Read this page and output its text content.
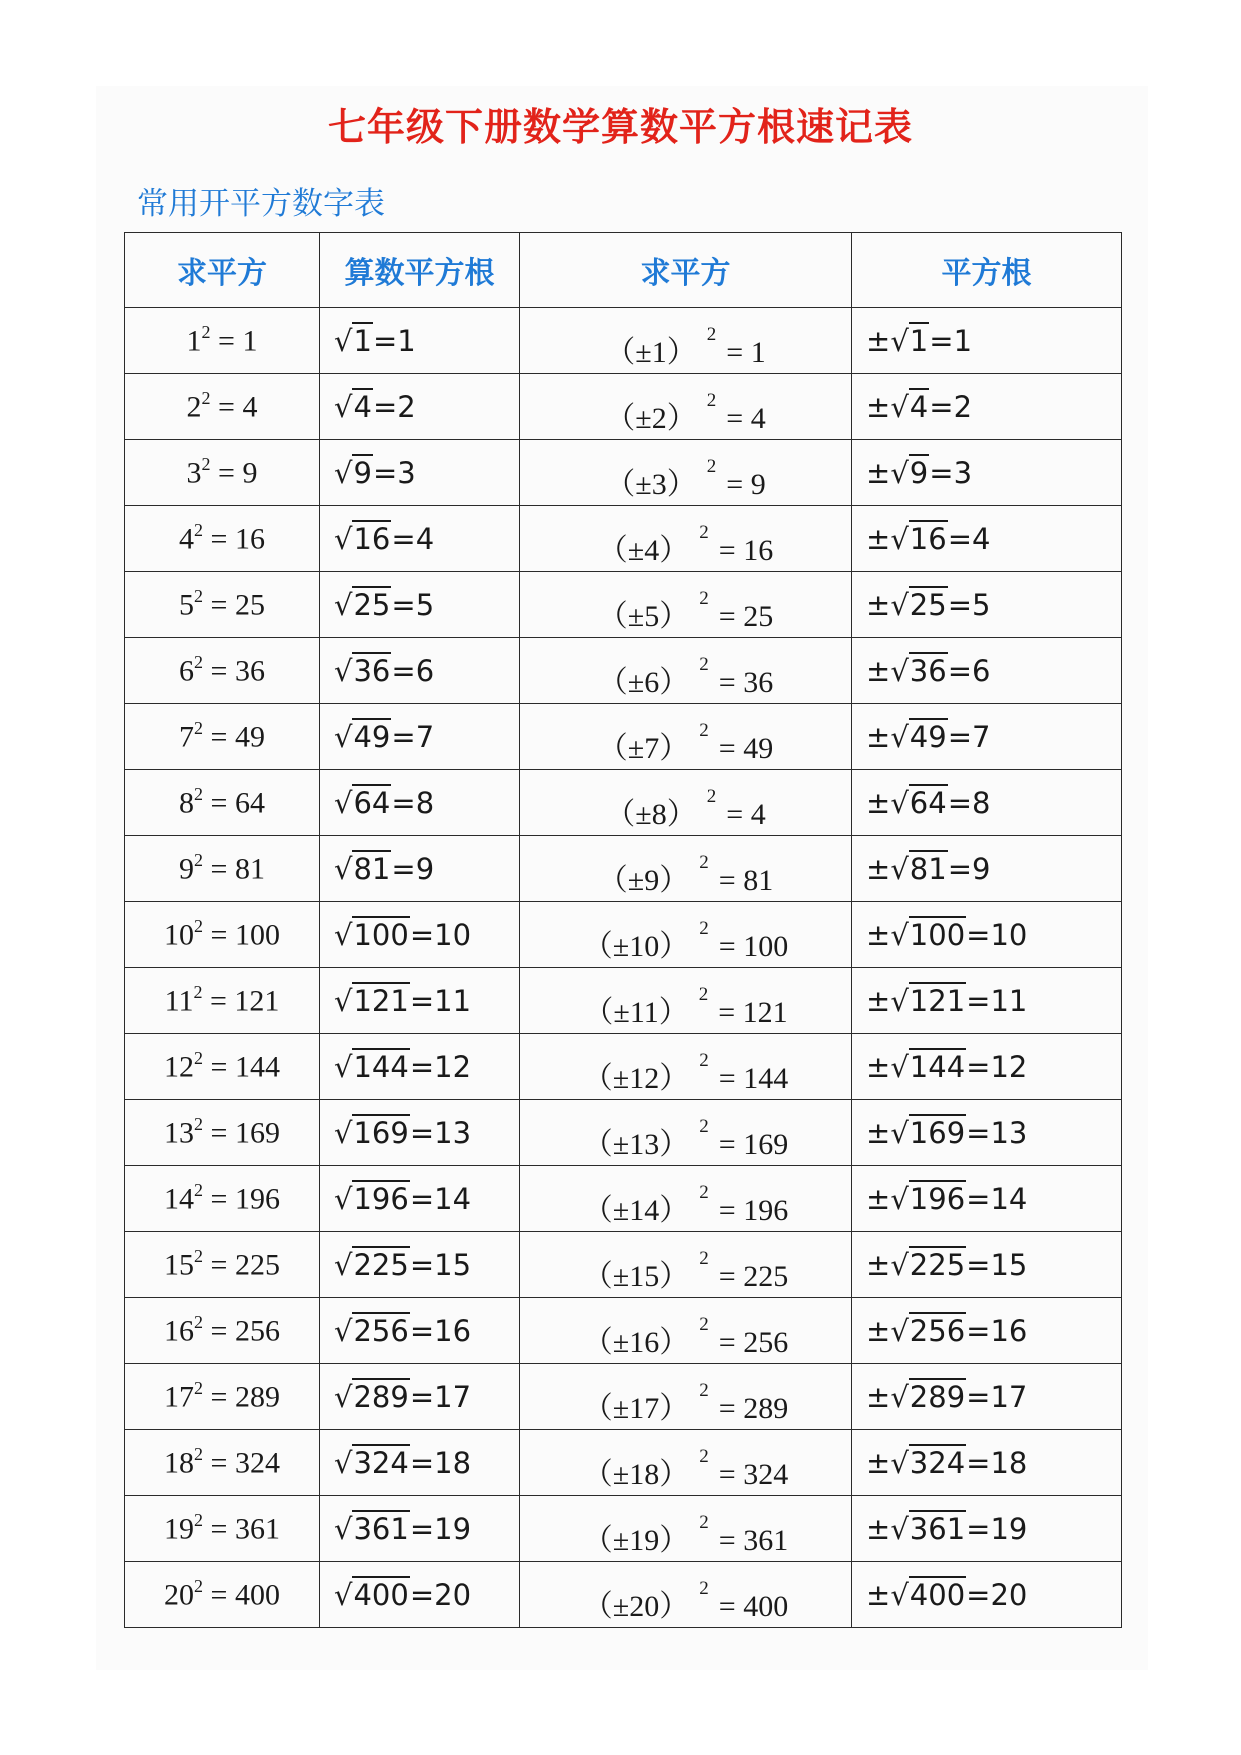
七年级下册数学算数平方根速记表
常用开平方数字表
求平方	算数平方根	求平方	平方根
$1^2 = 1$	√1=1	$(\pm 1)^2= 1$	±√1=1
$2^2 = 4$	√4=2	$(\pm 2)^2= 4$	±√4=2
$3^2 = 9$	√9=3	$(\pm 3)^2= 9$	±√9=3
$4^2 = 16$	√16=4	$(\pm 4)^2= 16$	±√16=4
$5^2 = 25$	√25=5	$(\pm 5)^2= 25$	±√25=5
$6^2 = 36$	√36=6	$(\pm 6)^2= 36$	±√36=6
$7^2 = 49$	√49=7	$(\pm 7)^2= 49$	±√49=7
$8^2 = 64$	√64=8	$(\pm 8)^2= 4$	±√64=8
$9^2 = 81$	√81=9	$(\pm 9)^2= 81$	±√81=9
$10^2 = 100$	√100=10	$(\pm 10)^2= 100$	±√100=10
$11^2 = 121$	√121=11	$(\pm 11)^2= 121$	±√121=11
$12^2 = 144$	√144=12	$(\pm 12)^2= 144$	±√144=12
$13^2 = 169$	√169=13	$(\pm 13)^2= 169$	±√169=13
$14^2 = 196$	√196=14	$(\pm 14)^2= 196$	±√196=14
$15^2 = 225$	√225=15	$(\pm 15)^2= 225$	±√225=15
$16^2 = 256$	√256=16	$(\pm 16)^2= 256$	±√256=16
$17^2 = 289$	√289=17	$(\pm 17)^2= 289$	±√289=17
$18^2 = 324$	√324=18	$(\pm 18)^2= 324$	±√324=18
$19^2 = 361$	√361=19	$(\pm 19)^2= 361$	±√361=19
$20^2 = 400$	√400=20	$(\pm 20)^2= 400$	±√400=20
